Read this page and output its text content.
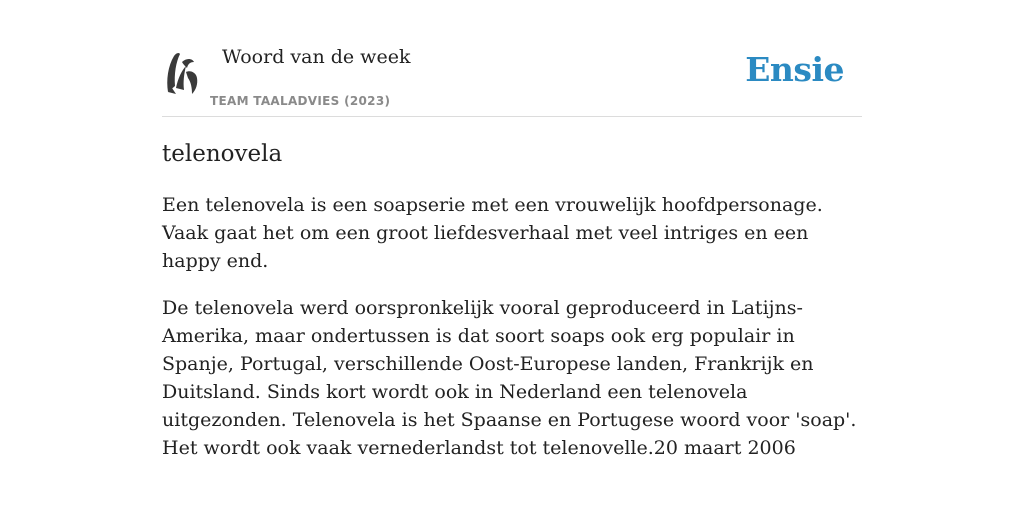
Woord van de week
TEAM TAALADVIES (2023)
Ensie
telenovela

Een telenovela is een soapserie met een vrouwelijk hoofdpersonage. Vaak gaat het om een groot liefdesverhaal met veel intriges en een happy end.

De telenovela werd oorspronkelijk vooral geproduceerd in Latijns-Amerika, maar ondertussen is dat soort soaps ook erg populair in Spanje, Portugal, verschillende Oost-Europese landen, Frankrijk en Duitsland. Sinds kort wordt ook in Nederland een telenovela uitgezonden. Telenovela is het Spaanse en Portugese woord voor 'soap'. Het wordt ook vaak vernederlandst tot telenovelle.20 maart 2006
